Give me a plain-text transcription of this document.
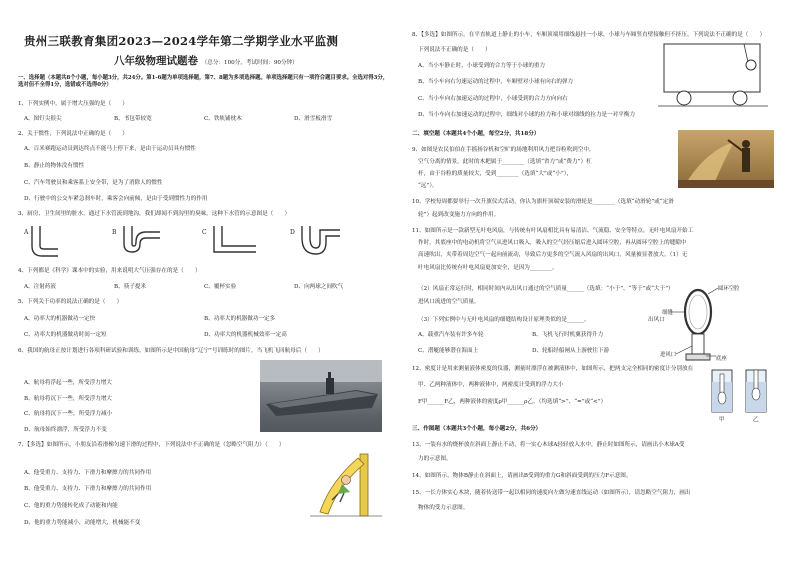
贵州三联教育集团2023—2024学年第二学期学业水平监测
八年级物理试题卷 （总分：100分，考试时间：90分钟）
一、选择题（本题共8个小题，每小题3分，共24分。第1-6题为单项选择题，第7、8题为多项选择题。单项选择题只有一项符合题目要求。全选对得3分，选对但不全得1分，选错或不选得0分）
1、下列实例中，属于增大压强的是（　　）
A、图钉尖很尖	B、书包带较宽	C、铁轨铺枕木	D、滑雪板滑雪
2、关于惯性，下列说法中正确的是（　　）
A、百米赛跑运动员到达终点不能马上停下来，是由于运动员具有惯性
B、静止的物体没有惯性
C、汽车驾驶员和乘客系上安全带，是为了消除人的惯性
D、行驶中的公交车紧急刹车时，乘客会向前倾，是由于受到惯性力的作用
3、厨房、卫生间里的脏水，通过下水管流到地沟，我们却闻不到沟里的臭味，这种下水管的示意图是（　　）
A	B	C	D
4、下列都是《科学》课本中的实验，用来说明大气压强存在的是（　　）
A、注射药液	B、筷子提米	C、覆杯实验	D、向两球之间吹气
5、下列关于功率的说法正确的是（　　）
A、功率大的机器做功一定快	B、功率大的机器做功一定多
C、功率大的机器做功时间一定短	D、功率大的机器机械效率一定高
6、我国的航母正按计划进行各项科研试验和训练。如图所示是中国航母“辽宁”号训练时的图片。当飞机飞回航母后（　　）
A、航母将浮起一些，所受浮力增大
B、航母将沉下一些，所受浮力增大
C、航母将沉下一些，所受浮力减小
D、航母始终漂浮，所受浮力不变
7、【多选】如图所示，小朋友沿着滑梯匀速下滑的过程中，下列说法中不正确的是（忽略空气阻力）（　　）
A、他受重力、支持力、下滑力和摩擦力的共同作用
B、他受重力、支持力、下滑力和摩擦力的共同作用
C、他的重力势能转化成了动能和内能
D、他的重力势能减小，动能增大，机械能不变
8、【多选】如图所示，在平直轨道上静止的小车，车厢顶端用细线悬挂一小球，小球与车厢竖直壁接触但不挤压。下列说法不正确的是（　　）
下列说法不正确的是（　　）
A、当小车静止时，小球受到的合力等于小球的重力
B、当小车向右匀速运动的过程中，车厢壁对小球有向右的弹力
C、当小车向右加速运动的过程中，小球受到的合力方向向右
D、当小车向右加速运动的过程中，细线对小球的拉力和小球对细线的拉力是一对平衡力
二、填空题（本题共4个小题，每空2分，共18分）
9、如图是农民伯伯在手摇扬谷机和空旷的场地利用风力把谷粒吹到空中，
空气分离的情景，此时的木耙属于________（选填“省力”或“费力”）杠
杆，由于谷粒的质量较大，受到________（选填“大”或“小”），
“远”）。
10、学校每周都要举行一次升旗仪式活动，你认为旗杆顶端安装的滑轮是________（选填“动滑轮”或“定滑
轮”）起到改变施力方向的作用。
11、如图所示是一款新型无叶电风扇，与传统有叶风扇相比具有易清洁、气流稳、安全等特点。无叶电风扇开始工
作时，其底座中的电动机将空气从进风口吸入，吸入的空气经压缩后进入圆环空腔，再从圆环空腔上的缝隙中
高速吹出，夹带着周边空气一起向前流动，导致后方更多的空气流入风扇的出风口，风量被显著放大。（1）无
叶电风扇比传统有叶电风扇更加安全，是因为________。
（2）风扇正常运行时，相同时间内从出风口通过的空气质量______（选填：“小于”、“等于”或“大于”）
进风口流进的空气质量。
（3）下列实例中与无叶电风扇的细缝结构设计原理类似的是______。
A、载重汽车装有许多车轮	B、飞机飞行时机翼获得升力
C、潜艇能够潜在海面上	D、轮船经船闸从上游驶往下游
圆环空腔
细缝
进风口
底座
出风口
12、密度计是用来测量液体密度的仪器，测量时漂浮在被测液体中，如图所示，把两支完全相同的密度计分别放在
甲、乙两种液体中，两种液体中，两密度计受到的浮力大小
F甲______F乙，两种液体的密度ρ甲______ρ乙。（均选填“>”、“=”或“<”）
甲	乙
三、作图题（本题共3个小题，每小题2分，共6分）
13、一装有水的烧杯放在斜面上静止不动，将一实心木球A轻轻放入水中，静止时如图所示，请画出小木球A受
力的示意图。
14、如图所示，物体B静止在斜面上，请画出B受到的重力G和斜面受到的压力F示意图。
15、一长方体实心木块，随着传送带一起以相同的速度向左做匀速直线运动（如图所示），请忽略空气阻力，画出
物体的受力示意图。
